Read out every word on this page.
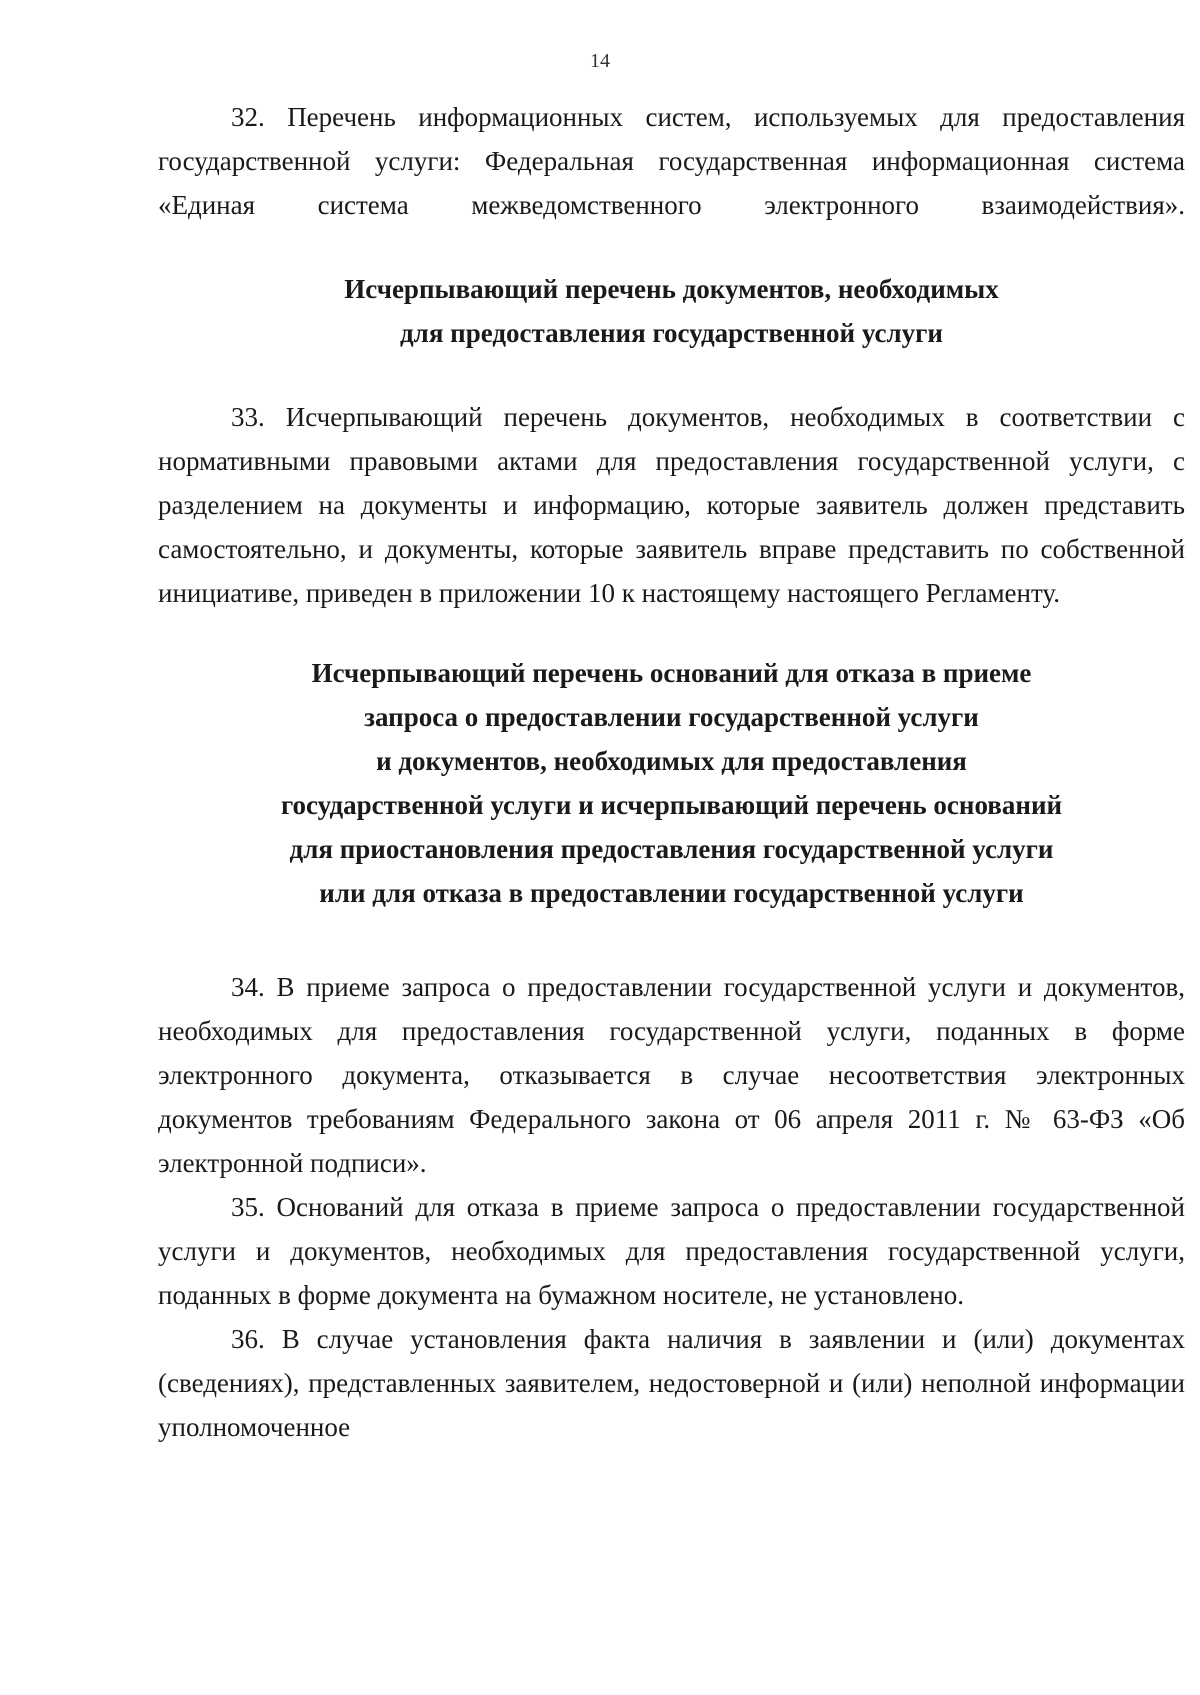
14

32. Перечень информационных систем, используемых для предоставления государственной услуги: Федеральная государственная информационная система «Единая система межведомственного электронного взаимодействия».

Исчерпывающий перечень документов, необходимых
для предоставления государственной услуги

33. Исчерпывающий перечень документов, необходимых в соответствии с нормативными правовыми актами для предоставления государственной услуги, с разделением на документы и информацию, которые заявитель должен представить самостоятельно, и документы, которые заявитель вправе представить по собственной инициативе, приведен в приложении 10 к настоящему настоящего Регламенту.

Исчерпывающий перечень оснований для отказа в приеме
запроса о предоставлении государственной услуги
и документов, необходимых для предоставления
государственной услуги и исчерпывающий перечень оснований
для приостановления предоставления государственной услуги
или для отказа в предоставлении государственной услуги

34. В приеме запроса о предоставлении государственной услуги и документов, необходимых для предоставления государственной услуги, поданных в форме электронного документа, отказывается в случае несоответствия электронных документов требованиям Федерального закона от 06 апреля 2011 г. № 63-ФЗ «Об электронной подписи».

35. Оснований для отказа в приеме запроса о предоставлении государственной услуги и документов, необходимых для предоставления государственной услуги, поданных в форме документа на бумажном носителе, не установлено.

36. В случае установления факта наличия в заявлении и (или) документах (сведениях), представленных заявителем, недостоверной и (или) неполной информации уполномоченное
